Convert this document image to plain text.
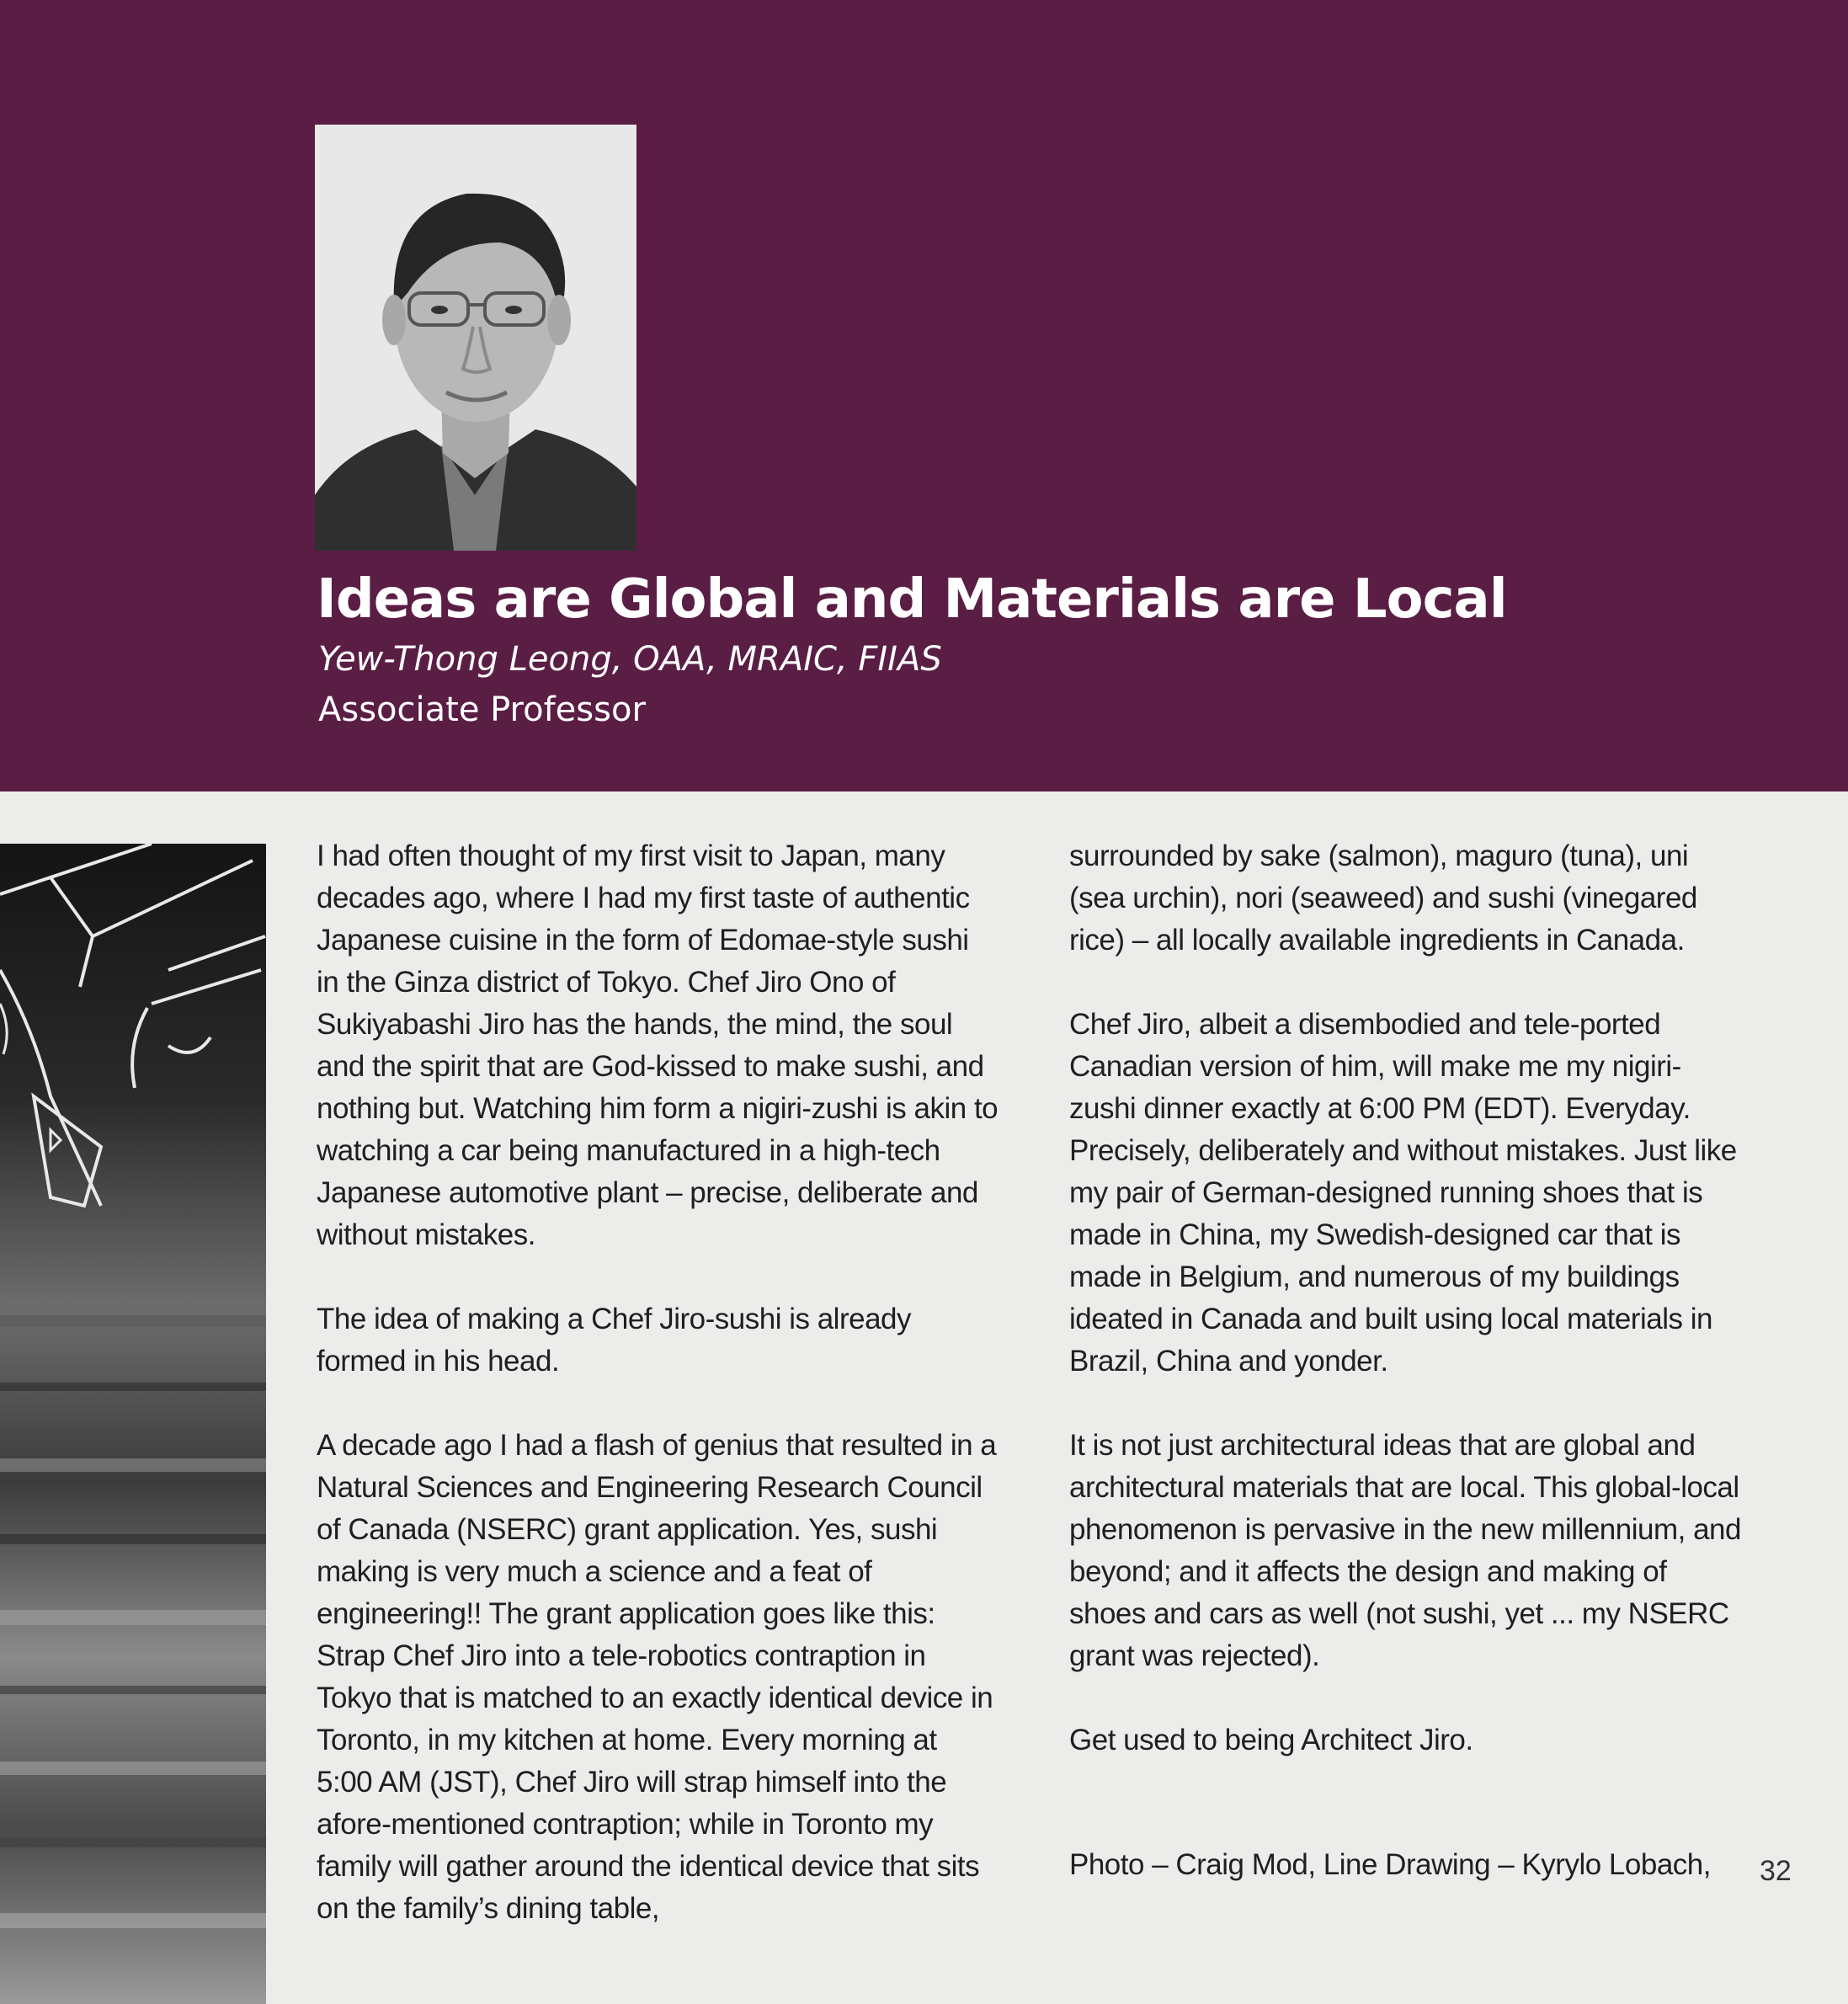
Ideas are Global and Materials are Local
Yew-Thong Leong, OAA, MRAIC, FIIAS
Associate Professor

I had often thought of my first visit to Japan, many decades ago, where I had my first taste of authentic Japanese cuisine in the form of Edomae-style sushi in the Ginza district of Tokyo. Chef Jiro Ono of Sukiyabashi Jiro has the hands, the mind, the soul and the spirit that are God-kissed to make sushi, and nothing but. Watching him form a nigiri-zushi is akin to watching a car being manufactured in a high-tech Japanese automotive plant – precise, deliberate and without mistakes.

The idea of making a Chef Jiro-sushi is already formed in his head.

A decade ago I had a flash of genius that resulted in a Natural Sciences and Engineering Research Council of Canada (NSERC) grant application. Yes, sushi making is very much a science and a feat of engineering!! The grant application goes like this: Strap Chef Jiro into a tele-robotics contraption in Tokyo that is matched to an exactly identical device in Toronto, in my kitchen at home. Every morning at 5:00 AM (JST), Chef Jiro will strap himself into the afore-mentioned contraption; while in Toronto my family will gather around the identical device that sits on the family’s dining table,

surrounded by sake (salmon), maguro (tuna), uni (sea urchin), nori (seaweed) and sushi (vinegared rice) – all locally available ingredients in Canada.

Chef Jiro, albeit a disembodied and tele-ported Canadian version of him, will make me my nigiri-zushi dinner exactly at 6:00 PM (EDT). Everyday. Precisely, deliberately and without mistakes. Just like my pair of German-designed running shoes that is made in China, my Swedish-designed car that is made in Belgium, and numerous of my buildings ideated in Canada and built using local materials in Brazil, China and yonder.

It is not just architectural ideas that are global and architectural materials that are local. This global-local phenomenon is pervasive in the new millennium, and beyond; and it affects the design and making of shoes and cars as well (not sushi, yet ... my NSERC grant was rejected).

Get used to being Architect Jiro.

Photo – Craig Mod, Line Drawing – Kyrylo Lobach, 32
